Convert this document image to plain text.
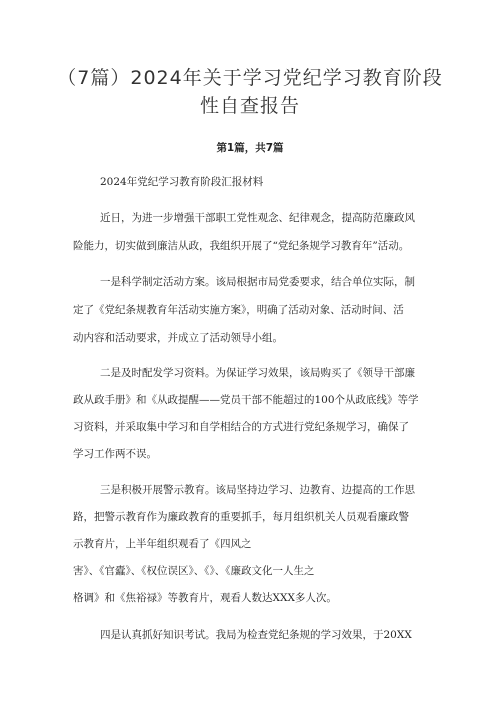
（7篇）2024年关于学习党纪学习教育阶段
性自查报告

第1篇，共7篇

2024年党纪学习教育阶段汇报材料

近日，为进一步增强干部职工党性观念、纪律观念，提高防范廉政风

险能力，切实做到廉洁从政，我组织开展了“党纪条规学习教育年”活动。

一是科学制定活动方案。该局根据市局党委要求，结合单位实际，制

定了《党纪条规教育年活动实施方案》，明确了活动对象、活动时间、活

动内容和活动要求，并成立了活动领导小组。

二是及时配发学习资料。为保证学习效果，该局购买了《领导干部廉

政从政手册》和《从政提醒——党员干部不能超过的100个从政底线》等学

习资料，并采取集中学习和自学相结合的方式进行党纪条规学习，确保了

学习工作两不误。

三是积极开展警示教育。该局坚持边学习、边教育、边提高的工作思

路，把警示教育作为廉政教育的重要抓手，每月组织机关人员观看廉政警

示教育片，上半年组织观看了《四风之

害》、《官蠹》、《权位误区》、《》、《廉政文化一人生之

格调》和《焦裕禄》等教育片，观看人数达XXX多人次。

四是认真抓好知识考试。我局为检查党纪条规的学习效果，于20XX
